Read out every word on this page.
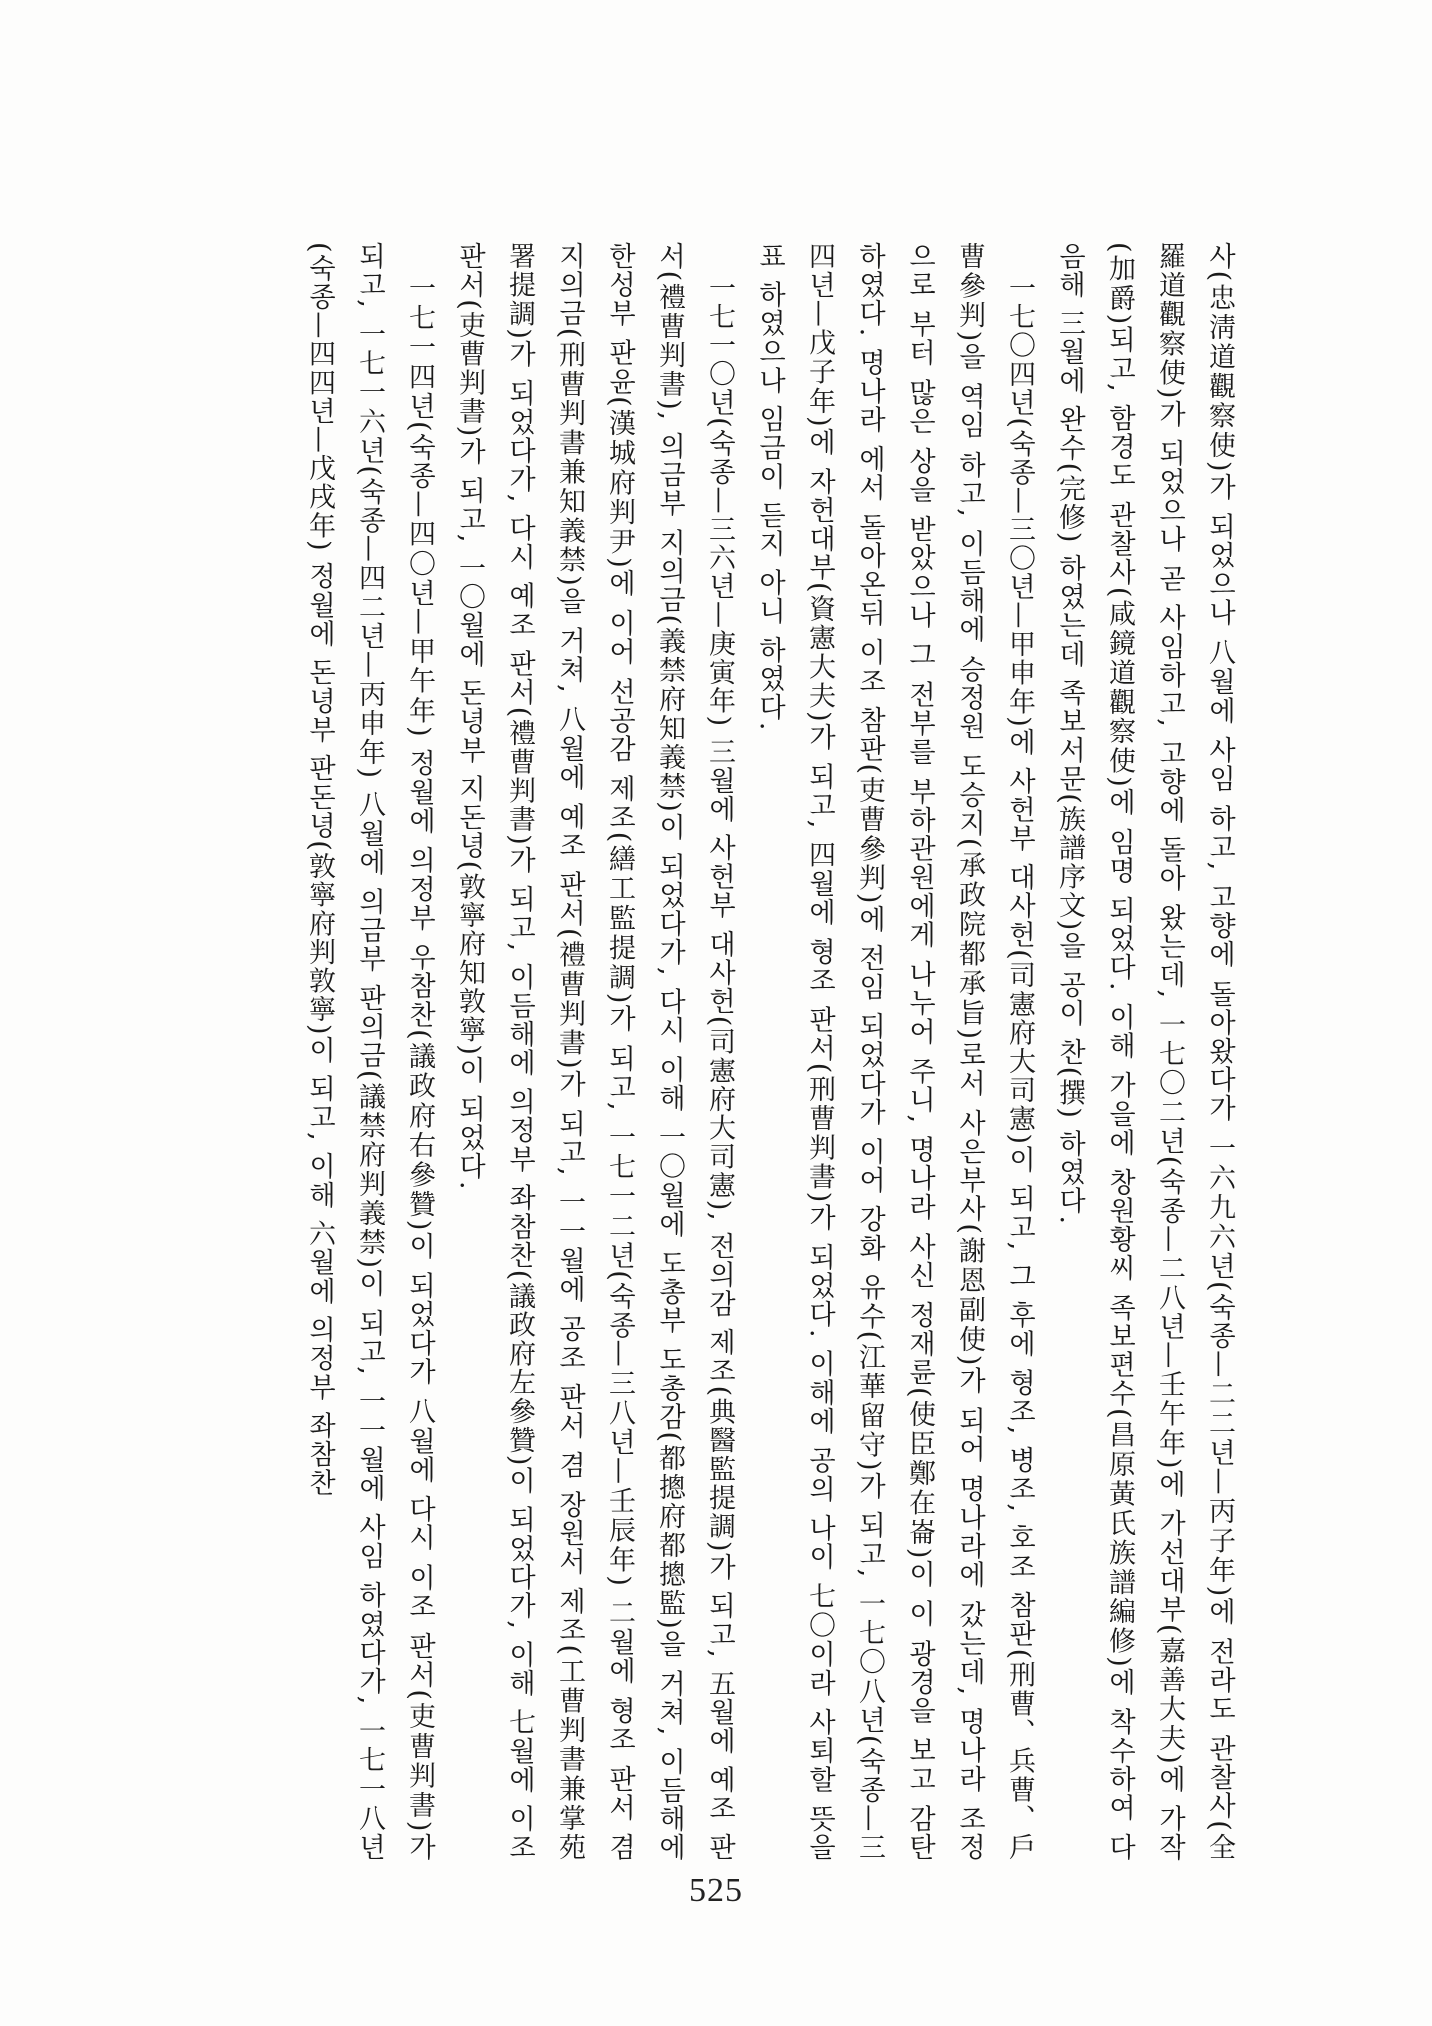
사(忠淸道觀察使)가 되었으나 八월에 사임 하고, 고향에 돌아왔다가 一六九六년(숙종—二二년—丙子年)에 전라도 관찰사(全羅道觀察使)가 되었으나 곧 사임하고, 고향에 돌아 왔는데, 一七〇二년(숙종—二八년—壬午年)에 가선대부(嘉善大夫)에 가작(加爵)되고, 함경도 관찰사(咸鏡道觀察使)에 임명 되었다. 이해 가을에 창원황씨 족보편수(昌原黃氏族譜編修)에 착수하여 다음해 三월에 완수(完修) 하였는데 족보서문(族譜序文)을 공이 찬(撰) 하였다.

一七〇四년(숙종—三〇년—甲申年)에 사헌부 대사헌(司憲府大司憲)이 되고, 그 후에 형조, 병조, 호조 참판(刑曹、兵曹、戶曹參判)을 역임 하고, 이듬해에 승정원 도승지(承政院都承旨)로서 사은부사(謝恩副使)가 되어 명나라에 갔는데, 명나라 조정으로 부터 많은 상을 받았으나 그 전부를 부하관원에게 나누어 주니, 명나라 사신 정재륜(使臣鄭在崙)이 이 광경을 보고 감탄 하였다. 명나라 에서 돌아온뒤 이조 참판(吏曹參判)에 전임 되었다가 이어 강화 유수(江華留守)가 되고, 一七〇八년(숙종—三四년—戊子年)에 자헌대부(資憲大夫)가 되고, 四월에 형조 판서(刑曹判書)가 되었다. 이해에 공의 나이 七〇이라 사퇴할 뜻을 표 하였으나 임금이 듣지 아니 하였다.

一七一〇년(숙종—三六년—庚寅年) 三월에 사헌부 대사헌(司憲府大司憲), 전의감 제조(典醫監提調)가 되고, 五월에 예조 판서(禮曹判書), 의금부 지의금(義禁府知義禁)이 되었다가, 다시 이해 一〇월에 도총부 도총감(都摠府都摠監)을 거쳐, 이듬해에 한성부 판윤(漢城府判尹)에 이어 선공감 제조(繕工監提調)가 되고, 一七一二년(숙종—三八년—壬辰年) 二월에 형조 판서 겸 지의금(刑曹判書兼知義禁)을 거쳐, 八월에 예조 판서(禮曹判書)가 되고, 一一월에 공조 판서 겸 장원서 제조(工曹判書兼掌苑署提調)가 되었다가, 다시 예조 판서(禮曹判書)가 되고, 이듬해에 의정부 좌참찬(議政府左參贊)이 되었다가, 이해 七월에 이조 판서(吏曹判書)가 되고, 一〇월에 돈녕부 지돈녕(敦寧府知敦寧)이 되었다.

一七一四년(숙종—四〇년—甲午年) 정월에 의정부 우참찬(議政府右參贊)이 되었다가 八월에 다시 이조 판서(吏曹判書)가 되고, 一七一六년(숙종—四二년—丙申年) 八월에 의금부 판의금(議禁府判義禁)이 되고, 一一월에 사임 하였다가, 一七一八년(숙종—四四년—戊戌年) 정월에 돈녕부 판돈녕(敦寧府判敦寧)이 되고, 이해 六월에 의정부 좌참찬

525
